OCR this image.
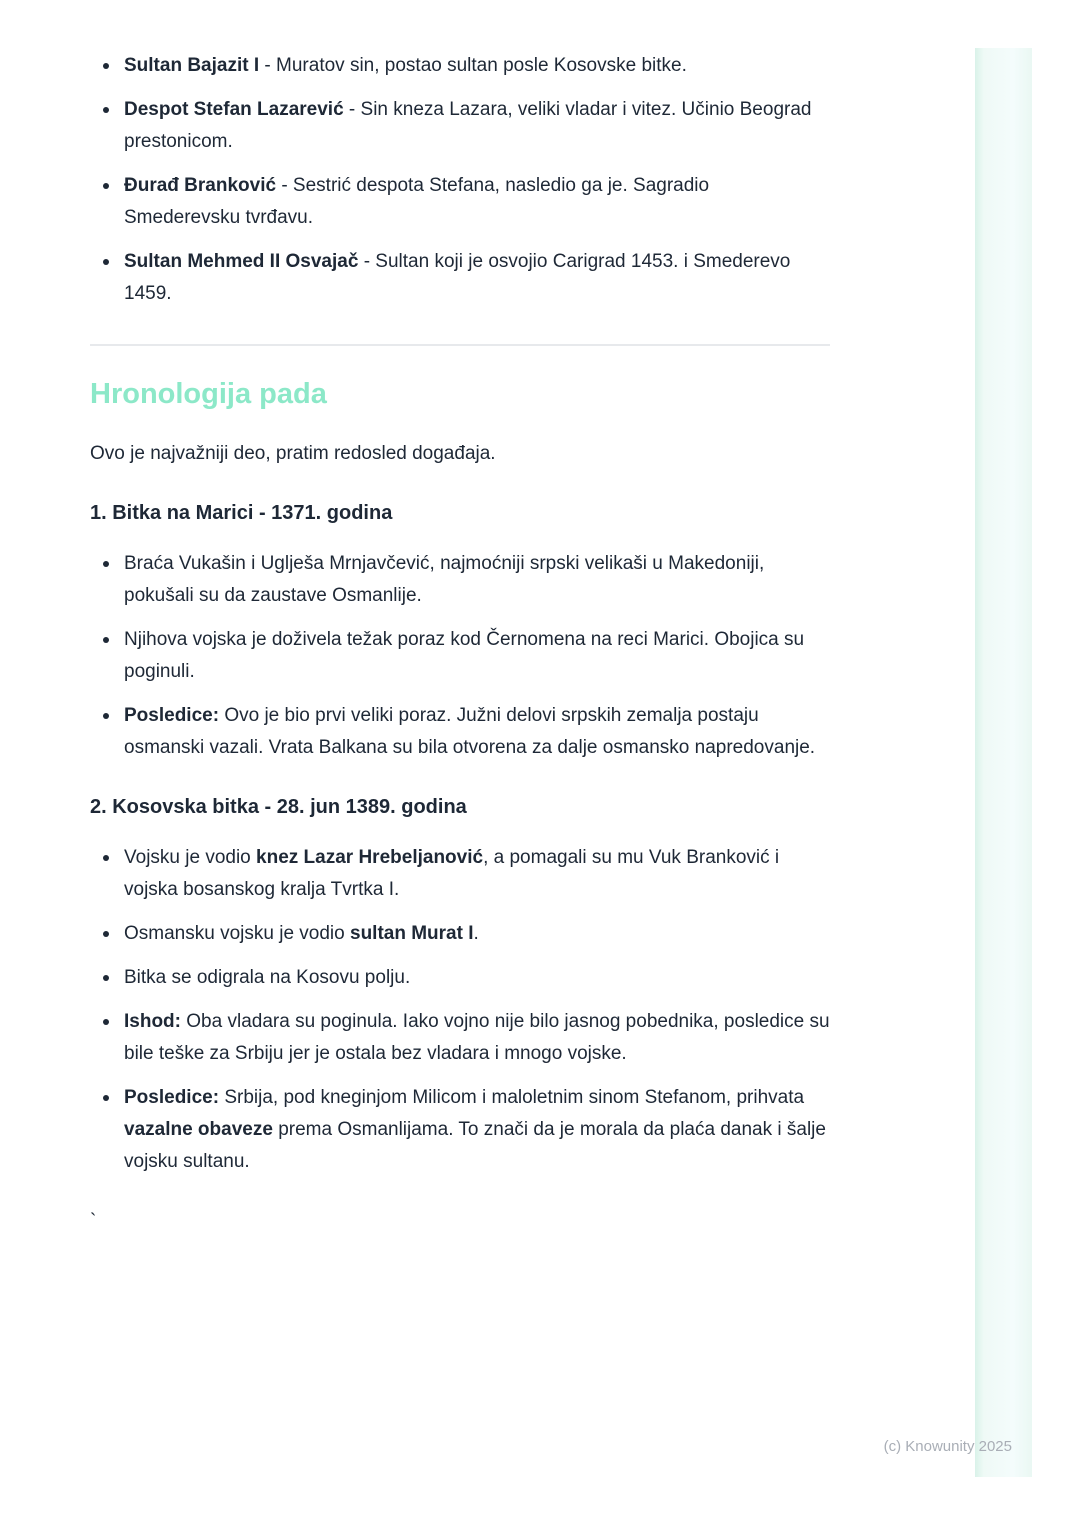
Sultan Bajazit I - Muratov sin, postao sultan posle Kosovske bitke.
Despot Stefan Lazarević - Sin kneza Lazara, veliki vladar i vitez. Učinio Beograd prestonicom.
Đurađ Branković - Sestrić despota Stefana, nasledio ga je. Sagradio Smederevsku tvrđavu.
Sultan Mehmed II Osvajač - Sultan koji je osvojio Carigrad 1453. i Smederevo 1459.
Hronologija pada

Ovo je najvažniji deo, pratim redosled događaja.

1. Bitka na Marici - 1371. godina
Braća Vukašin i Uglješa Mrnjavčević, najmoćniji srpski velikaši u Makedoniji, pokušali su da zaustave Osmanlije.
Njihova vojska je doživela težak poraz kod Černomena na reci Marici. Obojica su poginuli.
Posledice: Ovo je bio prvi veliki poraz. Južni delovi srpskih zemalja postaju osmanski vazali. Vrata Balkana su bila otvorena za dalje osmansko napredovanje.
2. Kosovska bitka - 28. jun 1389. godina
Vojsku je vodio knez Lazar Hrebeljanović, a pomagali su mu Vuk Branković i vojska bosanskog kralja Tvrtka I.
Osmansku vojsku je vodio sultan Murat I.
Bitka se odigrala na Kosovu polju.
Ishod: Oba vladara su poginula. Iako vojno nije bilo jasnog pobednika, posledice su bile teške za Srbiju jer je ostala bez vladara i mnogo vojske.
Posledice: Srbija, pod kneginjom Milicom i maloletnim sinom Stefanom, prihvata vazalne obaveze prema Osmanlijama. To znači da je morala da plaća danak i šalje vojsku sultanu.

`

(c) Knowunity 2025
